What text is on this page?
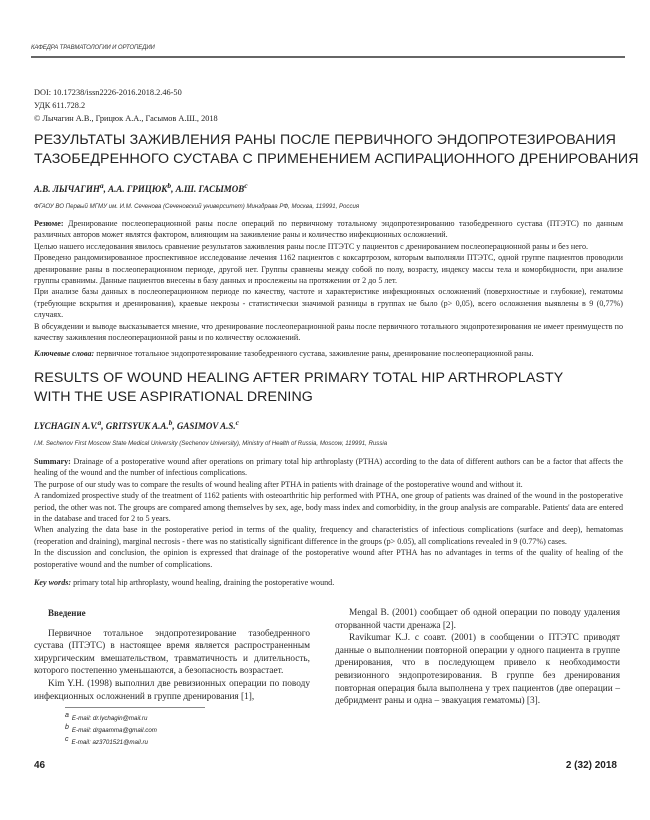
КАФЕДРА ТРАВМАТОЛОГИИ И ОРТОПЕДИИ
DOI: 10.17238/issn2226-2016.2018.2.46-50
УДК 611.728.2
© Лычагин А.В., Грицюк А.А., Гасымов А.Ш., 2018
РЕЗУЛЬТАТЫ ЗАЖИВЛЕНИЯ РАНЫ ПОСЛЕ ПЕРВИЧНОГО ЭНДОПРОТЕЗИРОВАНИЯ
ТАЗОБЕДРЕННОГО СУСТАВА С ПРИМЕНЕНИЕМ АСПИРАЦИОННОГО ДРЕНИРОВАНИЯ
А.В. ЛЫЧАГИН$^a$, А.А. ГРИЦЮК$^b$, А.Ш. ГАСЫМОВ$^c$
ФГАОУ ВО Первый МГМУ им. И.М. Сеченова (Сеченовский университет) Минздрава РФ, Москва, 119991, Россия

Резюме: Дренирование послеоперационной раны после операций по первичному тотальному эндопротезированию тазобедренного сустава (ПТЭТС) по данным различных авторов может являтся фактором, влияющим на заживление раны и количество инфекционных осложнений.

Целью нашего исследования явилось сравнение результатов заживления раны после ПТЭТС у пациентов с дренированием послеоперационной раны и без него.

Проведено рандомизированное проспективное исследование лечения 1162 пациентов с коксартрозом, которым выполняли ПТЭТС, одной группе пациентов проводили дренирование раны в послеоперационном периоде, другой нет. Группы сравнены между собой по полу, возрасту, индексу массы тела и коморбидности, при анализе группы сравнимы. Данные пациентов внесены в базу данных и прослежены на протяжении от 2 до 5 лет.

При анализе базы данных в послеоперационном периоде по качеству, частоте и характеристике инфекционных осложнений (поверхностные и глубокие), гематомы (требующие вскрытия и дренирования), краевые некрозы - статистически значимой разницы в группах не было (p> 0,05), всего осложнения выявлены в 9 (0,77%) случаях.

В обсуждении и выводе высказывается мнение, что дренирование послеоперационной раны после первичного тотального эндопротезирования не имеет преимуществ по качеству заживления послеоперационной раны и по количеству осложнений.

Ключевые слова: первичное тотальное эндопротезирование тазобедренного сустава, заживление раны, дренирование послеоперационной раны.
RESULTS OF WOUND HEALING AFTER PRIMARY TOTAL HIP ARTHROPLASTY
WITH THE USE ASPIRATIONAL DRENING
LYCHAGIN A.V.$^a$, GRITSYUK A.A.$^b$, GASIMOV A.S.$^c$
I.M. Sechenov First Moscow State Medical University (Sechenov University), Ministry of Health of Russia, Moscow, 119991, Russia

Summary: Drainage of a postoperative wound after operations on primary total hip arthroplasty (PTHA) according to the data of different authors can be a factor that affects the healing of the wound and the number of infectious complications.

The purpose of our study was to compare the results of wound healing after PTHA in patients with drainage of the postoperative wound and without it.

A randomized prospective study of the treatment of 1162 patients with osteoarthritic hip performed with PTHA, one group of patients was drained of the wound in the postoperative period, the other was not. The groups are compared among themselves by sex, age, body mass index and comorbidity, in the group analysis are comparable. Patients' data are entered in the database and traced for 2 to 5 years.

When analyzing the data base in the postoperative period in terms of the quality, frequency and characteristics of infectious complications (surface and deep), hematomas (reoperation and draining), marginal necrosis - there was no statistically significant difference in the groups (p> 0.05), all complications revealed in 9 (0.77%) cases.

In the discussion and conclusion, the opinion is expressed that drainage of the postoperative wound after PTHA has no advantages in terms of the quality of healing of the postoperative wound and the number of complications.

Key words: primary total hip arthroplasty, wound healing, draining the postoperative wound.

Введение

Первичное тотальное эндопротезирование тазобедренного сустава (ПТЭТС) в настоящее время является распространенным хирургическим вмешательством, травматичность и длительность, которого постепенно уменьшаются, а безопасность возрастает.

Kim Y.H. (1998) выполнил две ревизионных операции по поводу инфекционных осложнений в группе дренирования [1],

Mengal B. (2001) сообщает об одной операции по поводу удаления оторванной части дренажа [2].

Ravikumar K.J. с соавт. (2001) в сообщении о ПТЭТС приводят данные о выполнении повторной операции у одного пациента в группе дренирования, что в последующем привело к необходимости ревизионного эндопротезирования. В группе без дренирования повторная операция была выполнена у трех пациентов (две операции – дебридмент раны и одна – эвакуация гематомы) [3].

$^a$ E-mail: dr.lychagin@mail.ru
$^b$ E-mail: drgaamma@gmail.com
$^c$ E-mail: az3701521@mail.ru
46	2 (32) 2018
